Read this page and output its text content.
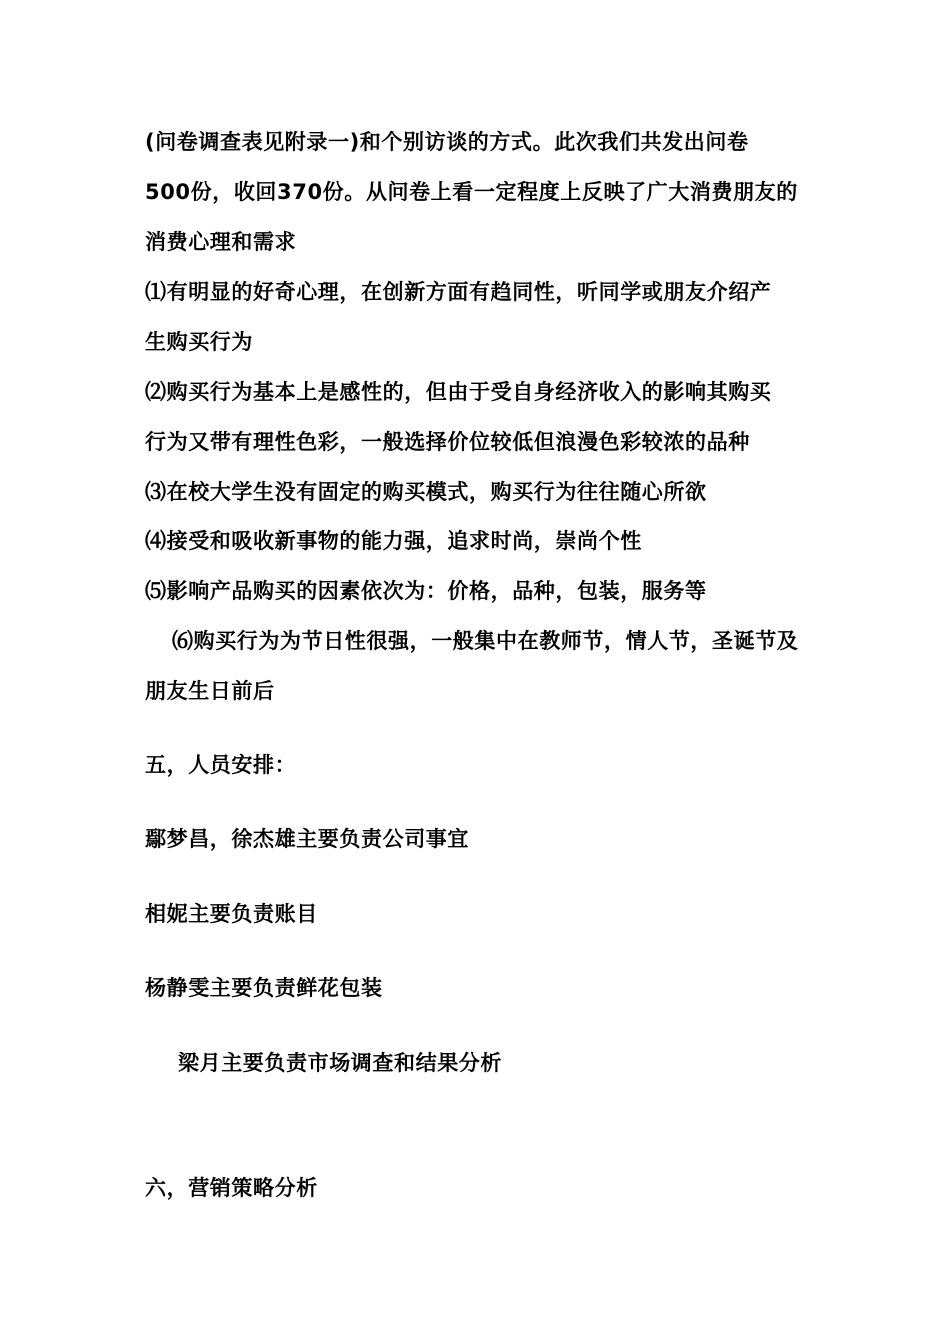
(问卷调查表见附录一)和个别访谈的方式。此次我们共发出问卷
500份，收回370份。从问卷上看一定程度上反映了广大消费朋友的
消费心理和需求
⑴有明显的好奇心理，在创新方面有趋同性，听同学或朋友介绍产
生购买行为
⑵购买行为基本上是感性的，但由于受自身经济收入的影响其购买
行为又带有理性色彩，一般选择价位较低但浪漫色彩较浓的品种
⑶在校大学生没有固定的购买模式，购买行为往往随心所欲
⑷接受和吸收新事物的能力强，追求时尚，崇尚个性
⑸影响产品购买的因素依次为：价格，品种，包装，服务等
⑹购买行为为节日性很强，一般集中在教师节，情人节，圣诞节及
朋友生日前后
五，人员安排：
鄢梦昌，徐杰雄主要负责公司事宜
相妮主要负责账目
杨静雯主要负责鲜花包装
梁月主要负责市场调查和结果分析
六，营销策略分析
